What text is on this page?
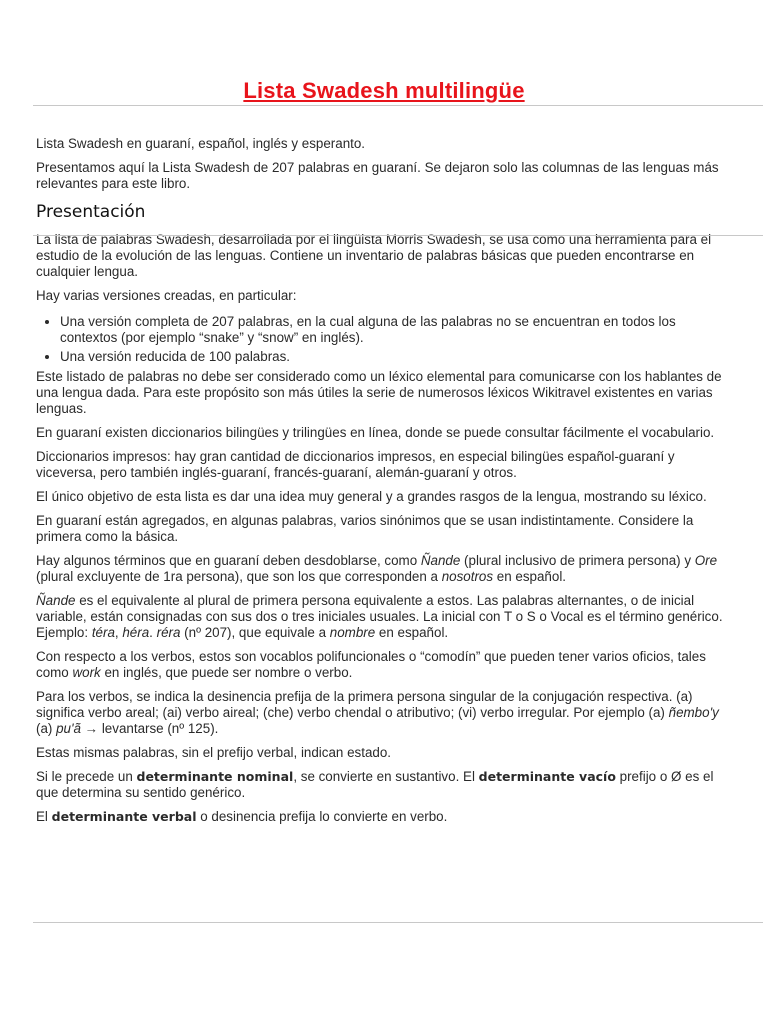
Lista Swadesh multilingüe

Lista Swadesh en guaraní, español, inglés y esperanto.

Presentamos aquí la Lista Swadesh de 207 palabras en guaraní. Se dejaron solo las columnas de las lenguas más relevantes para este libro.

Presentación

La lista de palabras Swadesh, desarrollada por el lingüista Morris Swadesh, se usa como una herramienta para el estudio de la evolución de las lenguas. Contiene un inventario de palabras básicas que pueden encontrarse en cualquier lengua.

Hay varias versiones creadas, en particular:

• Una versión completa de 207 palabras, en la cual alguna de las palabras no se encuentran en todos los contextos (por ejemplo “snake” y “snow” en inglés).
• Una versión reducida de 100 palabras.

Este listado de palabras no debe ser considerado como un léxico elemental para comunicarse con los hablantes de una lengua dada. Para este propósito son más útiles la serie de numerosos léxicos Wikitravel existentes en varias lenguas.

En guaraní existen diccionarios bilingües y trilingües en línea, donde se puede consultar fácilmente el vocabulario.

Diccionarios impresos: hay gran cantidad de diccionarios impresos, en especial bilingües español-guaraní y viceversa, pero también inglés-guaraní, francés-guaraní, alemán-guaraní y otros.

El único objetivo de esta lista es dar una idea muy general y a grandes rasgos de la lengua, mostrando su léxico.

En guaraní están agregados, en algunas palabras, varios sinónimos que se usan indistintamente. Considere la primera como la básica.

Hay algunos términos que en guaraní deben desdoblarse, como Ñande (plural inclusivo de primera persona) y Ore (plural excluyente de 1ra persona), que son los que corresponden a nosotros en español.

Ñande es el equivalente al plural de primera persona equivalente a estos. Las palabras alternantes, o de inicial variable, están consignadas con sus dos o tres iniciales usuales. La inicial con T o S o Vocal es el término genérico. Ejemplo: téra, héra. réra (nº 207), que equivale a nombre en español.

Con respecto a los verbos, estos son vocablos polifuncionales o “comodín” que pueden tener varios oficios, tales como work en inglés, que puede ser nombre o verbo.

Para los verbos, se indica la desinencia prefija de la primera persona singular de la conjugación respectiva. (a) significa verbo areal; (ai) verbo aireal; (che) verbo chendal o atributivo; (vi) verbo irregular. Por ejemplo (a) ñembo'y (a) pu'ã → levantarse (nº 125).

Estas mismas palabras, sin el prefijo verbal, indican estado.

Si le precede un determinante nominal, se convierte en sustantivo. El determinante vacío prefijo o Ø es el que determina su sentido genérico.

El determinante verbal o desinencia prefija lo convierte en verbo.
